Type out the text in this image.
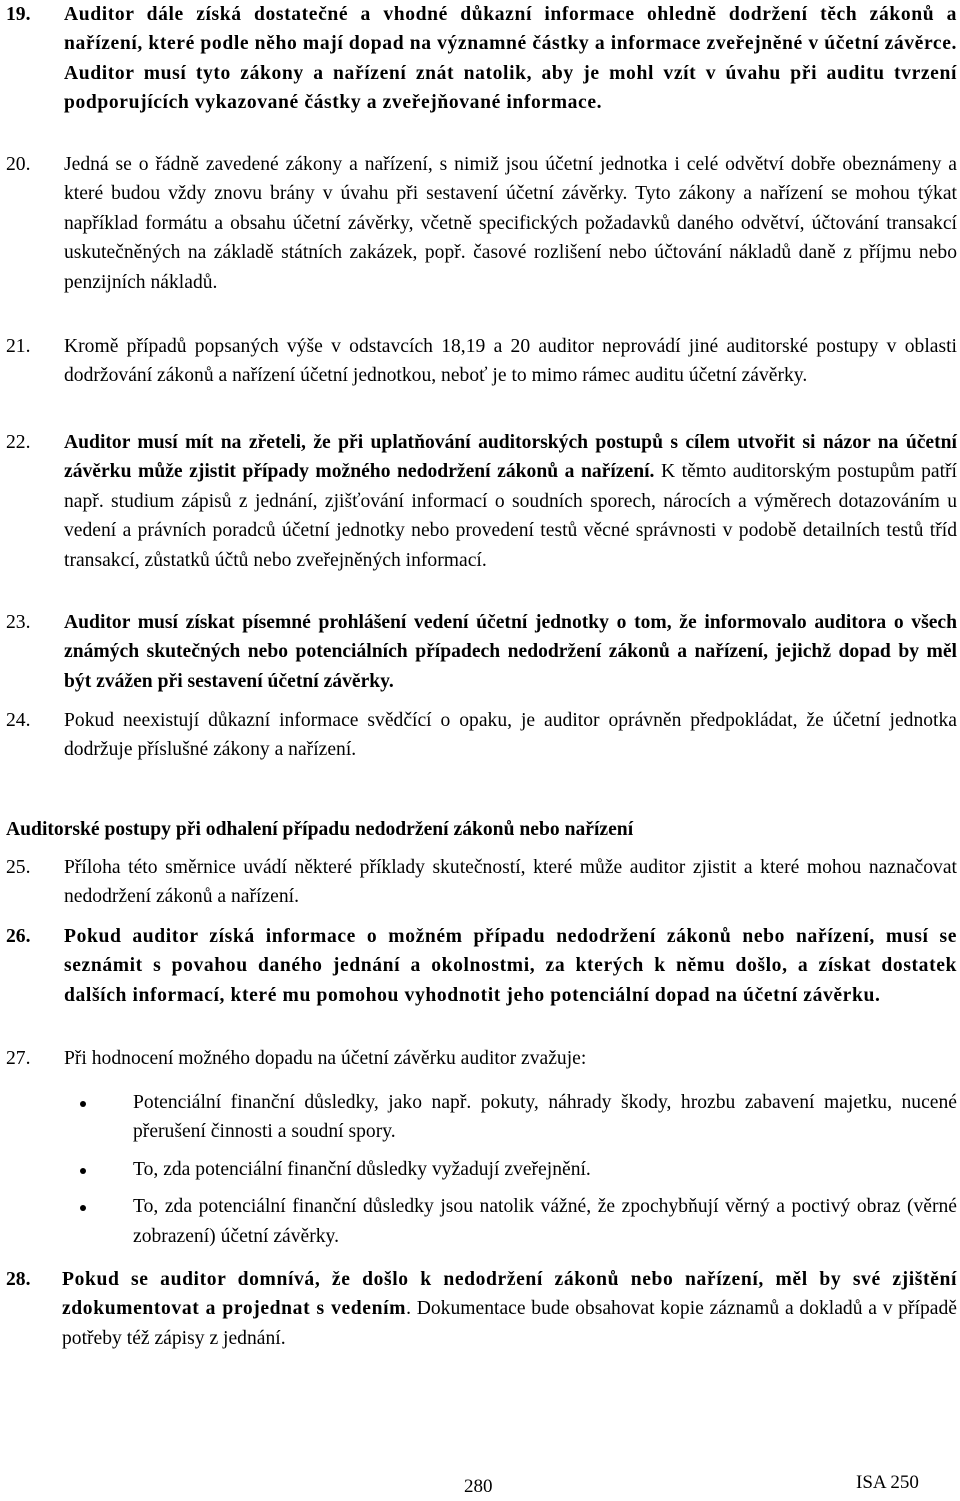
19. Auditor dále získá dostatečné a vhodné důkazní informace ohledně dodržení těch zákonů a nařízení, které podle něho mají dopad na významné částky a informace zveřejněné v účetní závěrce. Auditor musí tyto zákony a nařízení znát natolik, aby je mohl vzít v úvahu při auditu tvrzení podporujících vykazované částky a zveřejňované informace.
20. Jedná se o řádně zavedené zákony a nařízení, s nimiž jsou účetní jednotka i celé odvětví dobře obeznámeny a které budou vždy znovu brány v úvahu při sestavení účetní závěrky. Tyto zákony a nařízení se mohou týkat například formátu a obsahu účetní závěrky, včetně specifických požadavků daného odvětví, účtování transakcí uskutečněných na základě státních zakázek, popř. časové rozlišení nebo účtování nákladů daně z příjmu nebo penzijních nákladů.
21. Kromě případů popsaných výše v odstavcích 18,19 a 20 auditor neprovádí jiné auditorské postupy v oblasti dodržování zákonů a nařízení účetní jednotkou, neboť je to mimo rámec auditu účetní závěrky.
22. Auditor musí mít na zřeteli, že při uplatňování auditorských postupů s cílem utvořit si názor na účetní závěrku může zjistit případy možného nedodržení zákonů a nařízení. K těmto auditorským postupům patří např. studium zápisů z jednání, zjišťování informací o soudních sporech, nárocích a výměrech dotazováním u vedení a právních poradců účetní jednotky nebo provedení testů věcné správnosti v podobě detailních testů tříd transakcí, zůstatků účtů nebo zveřejněných informací.
23. Auditor musí získat písemné prohlášení vedení účetní jednotky o tom, že informovalo auditora o všech známých skutečných nebo potenciálních případech nedodržení zákonů a nařízení, jejichž dopad by měl být zvážen při sestavení účetní závěrky.
24. Pokud neexistují důkazní informace svědčící o opaku, je auditor oprávněn předpokládat, že účetní jednotka dodržuje příslušné zákony a nařízení.
Auditorské postupy při odhalení případu nedodržení zákonů nebo nařízení
25. Příloha této směrnice uvádí některé příklady skutečností, které může auditor zjistit a které mohou naznačovat nedodržení zákonů a nařízení.
26. Pokud auditor získá informace o možném případu nedodržení zákonů nebo nařízení, musí se seznámit s povahou daného jednání a okolnostmi, za kterých k němu došlo, a získat dostatek dalších informací, které mu pomohou vyhodnotit jeho potenciální dopad na účetní závěrku.
27. Při hodnocení možného dopadu na účetní závěrku auditor zvažuje:
Potenciální finanční důsledky, jako např. pokuty, náhrady škody, hrozbu zabavení majetku, nucené přerušení činnosti a soudní spory.
To, zda potenciální finanční důsledky vyžadují zveřejnění.
To, zda potenciální finanční důsledky jsou natolik vážné, že zpochybňují věrný a poctivý obraz (věrné zobrazení) účetní závěrky.
28. Pokud se auditor domnívá, že došlo k nedodržení zákonů nebo nařízení, měl by své zjištění zdokumentovat a projednat s vedením. Dokumentace bude obsahovat kopie záznamů a dokladů a v případě potřeby též zápisy z jednání.
280	ISA 250
